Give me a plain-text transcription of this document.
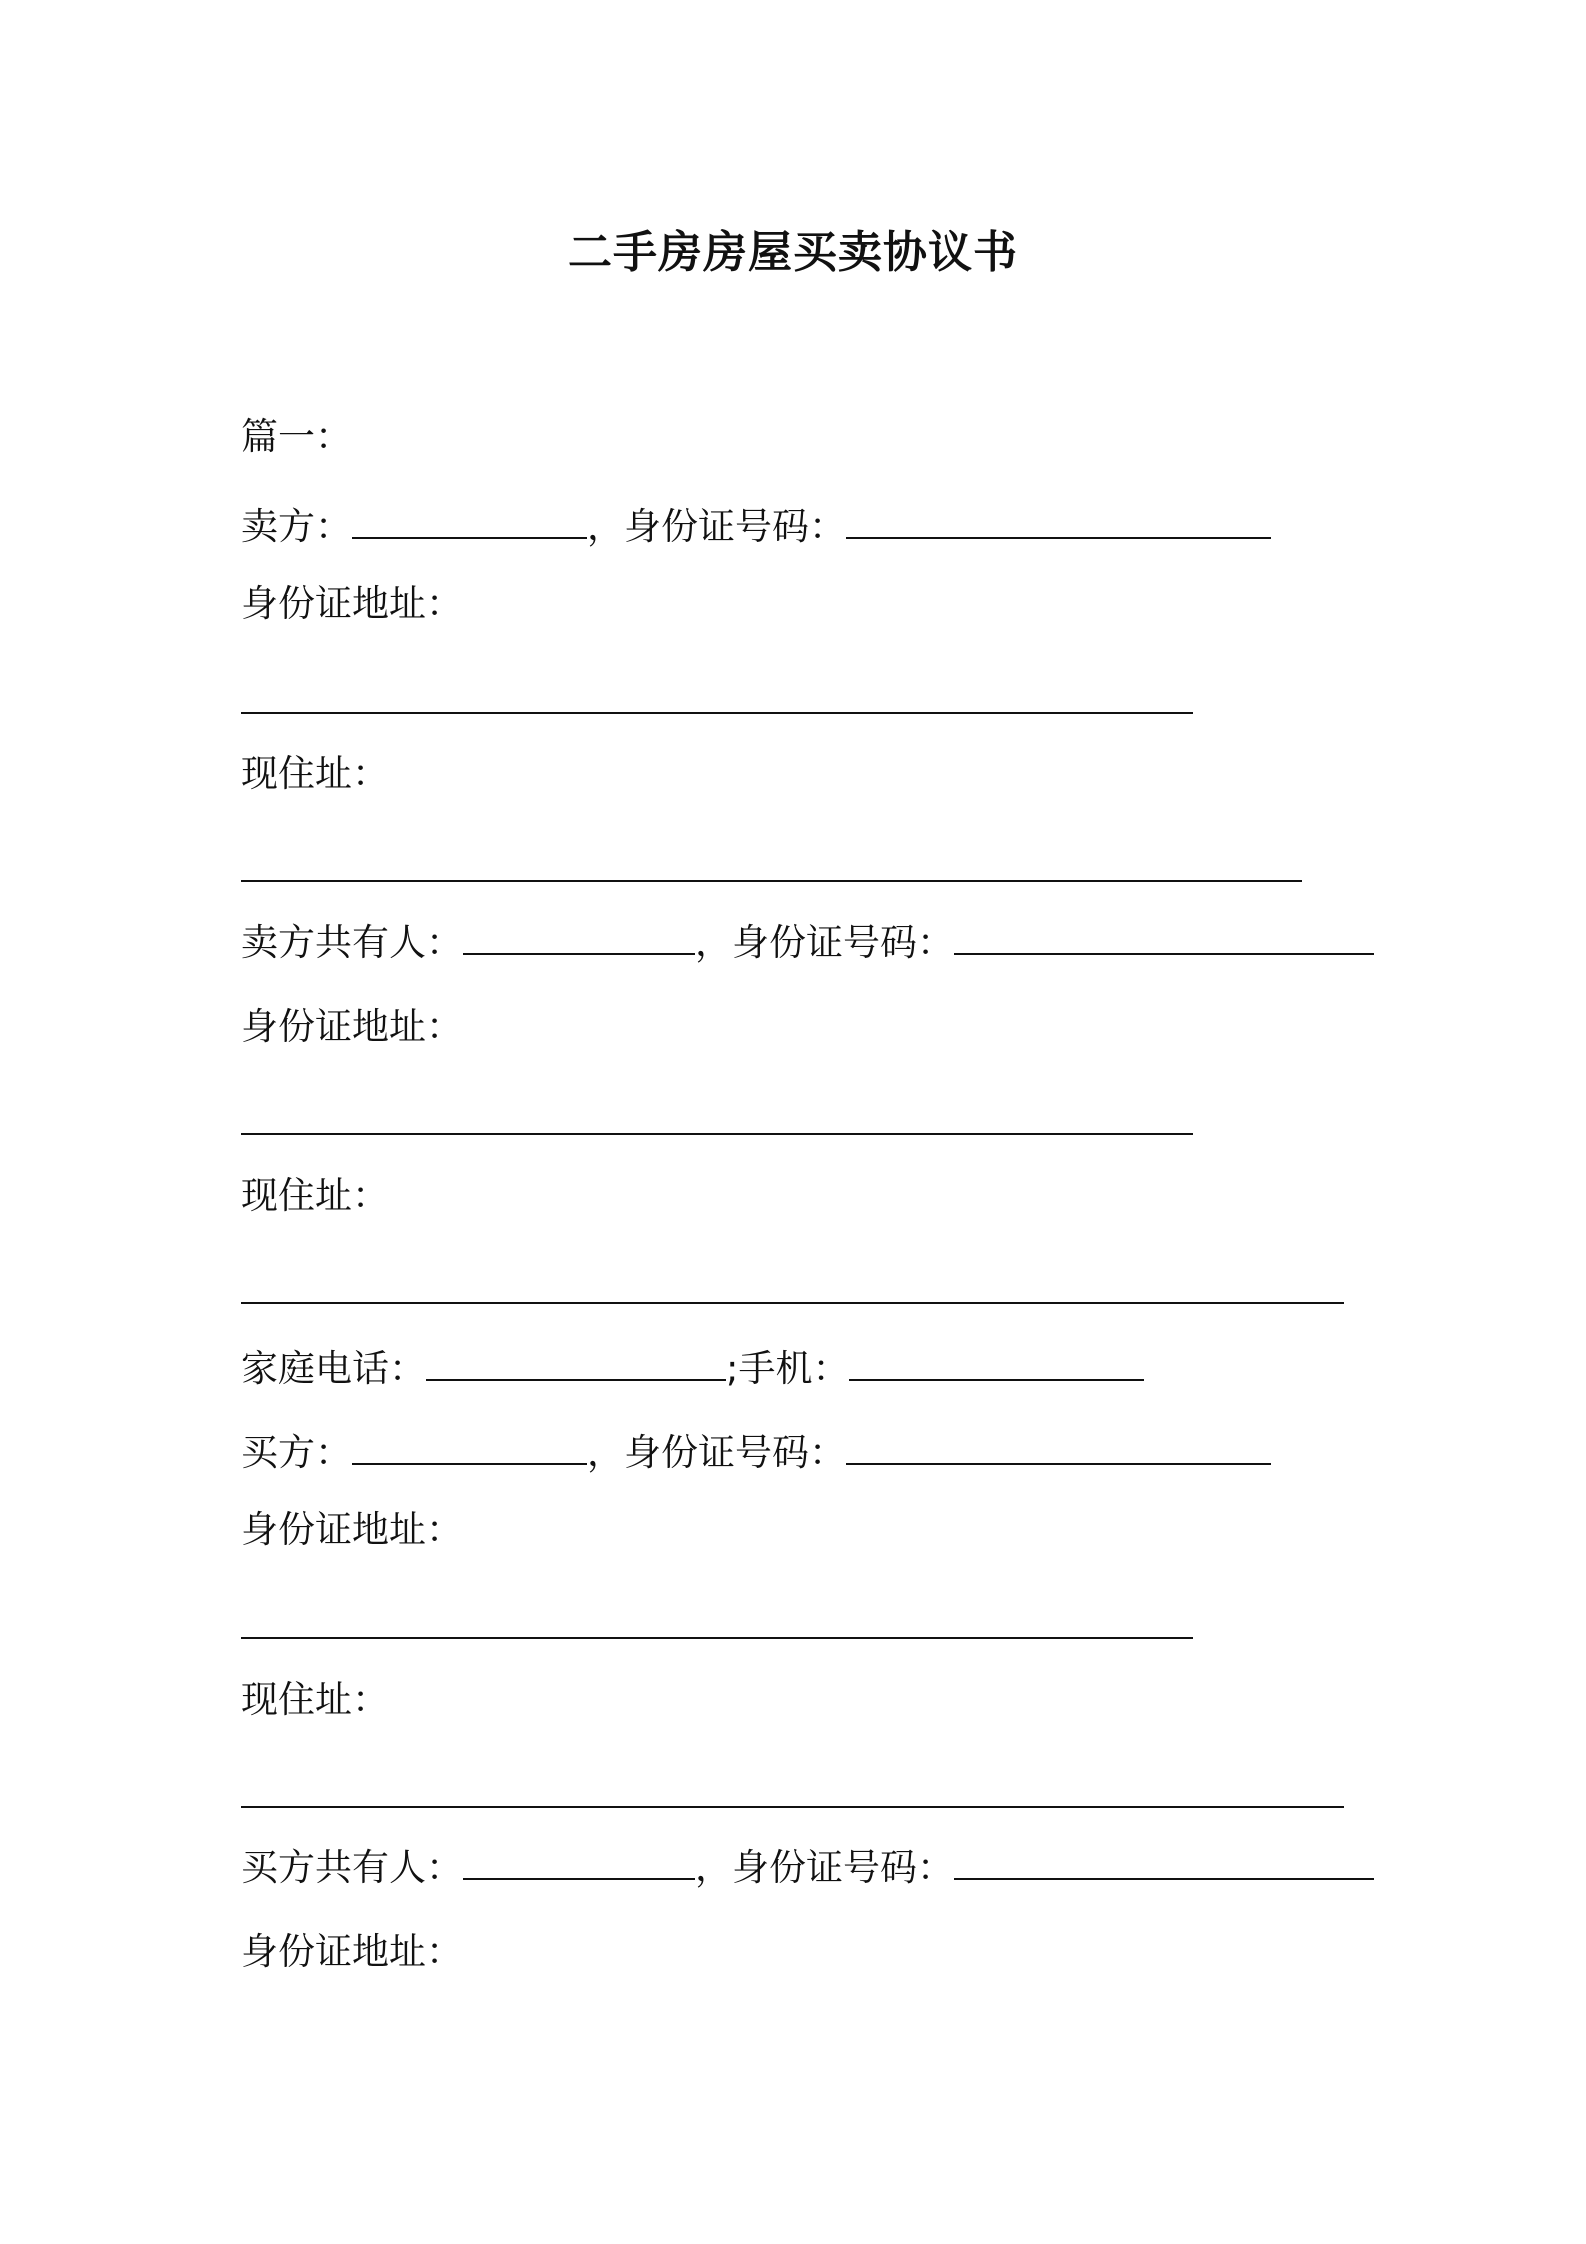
二手房房屋买卖协议书

篇一：

卖方：	，身份证号码：

身份证地址：

现住址：

卖方共有人：	，身份证号码：

身份证地址：

现住址：

家庭电话：	;手机：

买方：	，身份证号码：

身份证地址：

现住址：

买方共有人：	，身份证号码：

身份证地址：
